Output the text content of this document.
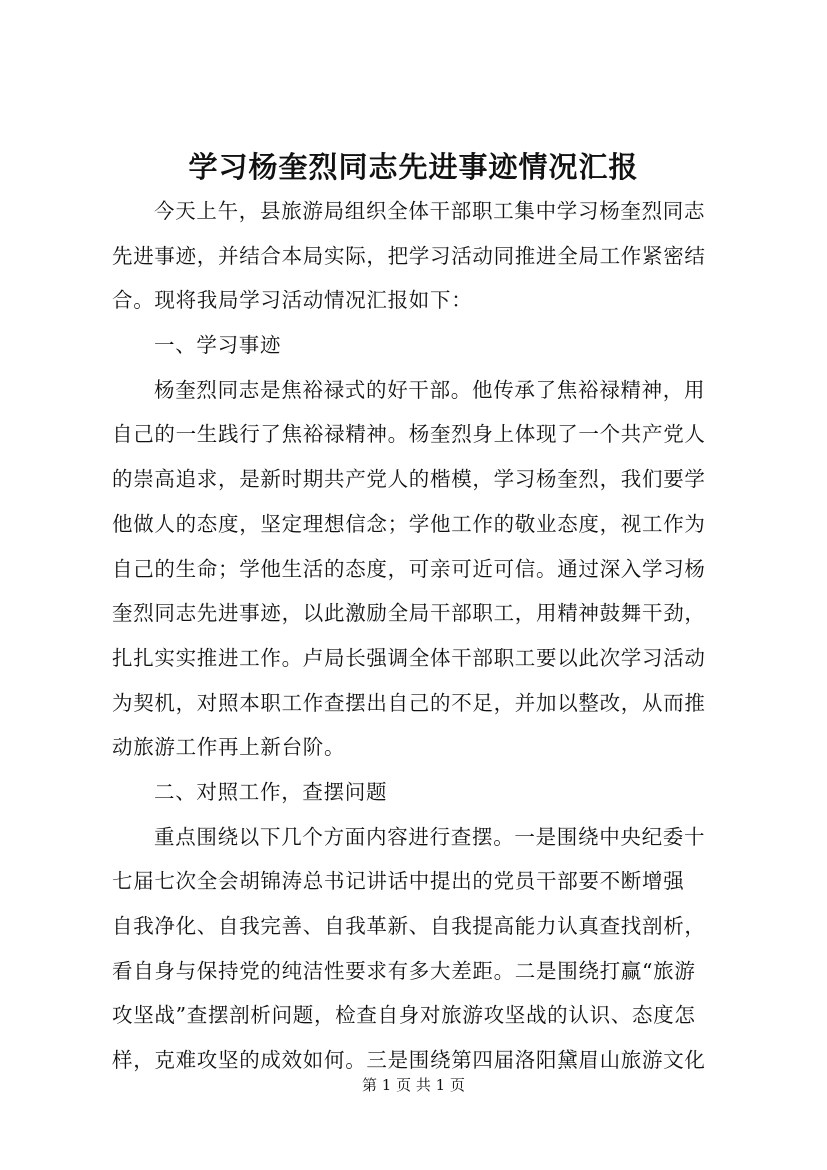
学习杨奎烈同志先进事迹情况汇报
今天上午，县旅游局组织全体干部职工集中学习杨奎烈同志
先进事迹，并结合本局实际，把学习活动同推进全局工作紧密结
合。现将我局学习活动情况汇报如下：
一、学习事迹
杨奎烈同志是焦裕禄式的好干部。他传承了焦裕禄精神，用
自己的一生践行了焦裕禄精神。杨奎烈身上体现了一个共产党人
的崇高追求，是新时期共产党人的楷模，学习杨奎烈，我们要学
他做人的态度，坚定理想信念；学他工作的敬业态度，视工作为
自己的生命；学他生活的态度，可亲可近可信。通过深入学习杨
奎烈同志先进事迹，以此激励全局干部职工，用精神鼓舞干劲，
扎扎实实推进工作。卢局长强调全体干部职工要以此次学习活动
为契机，对照本职工作查摆出自己的不足，并加以整改，从而推
动旅游工作再上新台阶。
二、对照工作，查摆问题
重点围绕以下几个方面内容进行查摆。一是围绕中央纪委十
七届七次全会胡锦涛总书记讲话中提出的党员干部要不断增强
自我净化、自我完善、自我革新、自我提高能力认真查找剖析，
看自身与保持党的纯洁性要求有多大差距。二是围绕打赢“旅游
攻坚战”查摆剖析问题，检查自身对旅游攻坚战的认识、态度怎
样，克难攻坚的成效如何。三是围绕第四届洛阳黛眉山旅游文化
第 1 页 共 1 页
